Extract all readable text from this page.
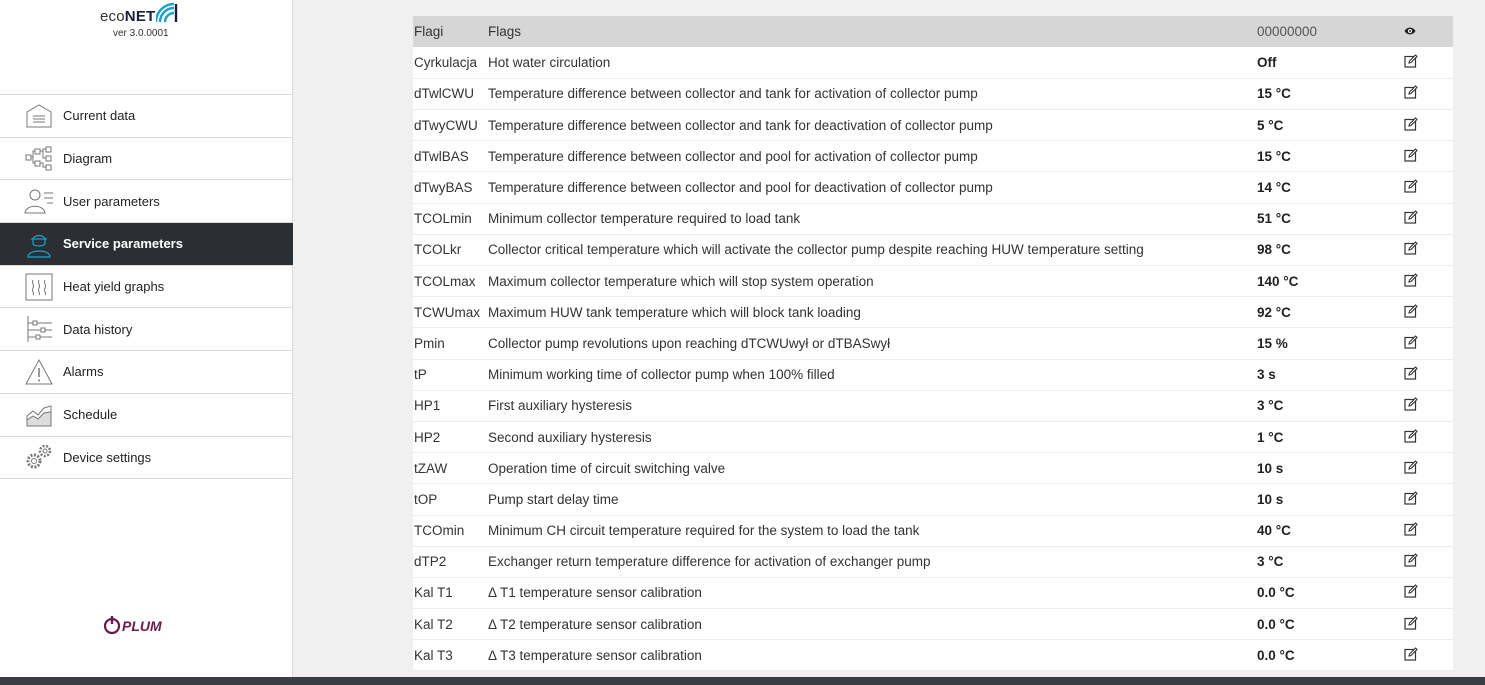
ecoNET
ver 3.0.0001
Current data
Diagram
User parameters
Service parameters
Heat yield graphs
Data history
Alarms
Schedule
Device settings
PLUM
Flagi	Flags	00000000	
Cyrkulacja	Hot water circulation	Off	
dTwlCWU	Temperature difference between collector and tank for activation of collector pump	15 °C	
dTwyCWU	Temperature difference between collector and tank for deactivation of collector pump	5 °C	
dTwlBAS	Temperature difference between collector and pool for activation of collector pump	15 °C	
dTwyBAS	Temperature difference between collector and pool for deactivation of collector pump	14 °C	
TCOLmin	Minimum collector temperature required to load tank	51 °C	
TCOLkr	Collector critical temperature which will activate the collector pump despite reaching HUW temperature setting	98 °C	
TCOLmax	Maximum collector temperature which will stop system operation	140 °C	
TCWUmax	Maximum HUW tank temperature which will block tank loading	92 °C	
Pmin	Collector pump revolutions upon reaching dTCWUwył or dTBASwył	15 %	
tP	Minimum working time of collector pump when 100% filled	3 s	
HP1	First auxiliary hysteresis	3 °C	
HP2	Second auxiliary hysteresis	1 °C	
tZAW	Operation time of circuit switching valve	10 s	
tOP	Pump start delay time	10 s	
TCOmin	Minimum CH circuit temperature required for the system to load the tank	40 °C	
dTP2	Exchanger return temperature difference for activation of exchanger pump	3 °C	
Kal T1	Δ T1 temperature sensor calibration	0.0 °C	
Kal T2	Δ T2 temperature sensor calibration	0.0 °C	
Kal T3	Δ T3 temperature sensor calibration	0.0 °C	
